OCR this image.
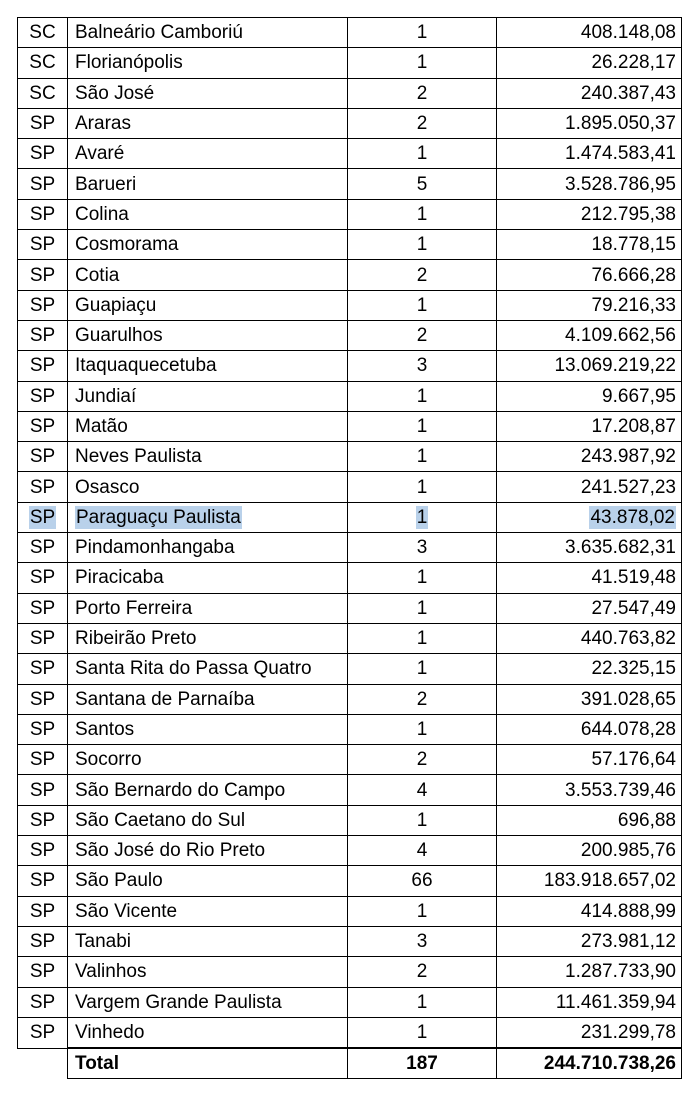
SC	Balneário Camboriú	1	408.148,08
SC	Florianópolis	1	26.228,17
SC	São José	2	240.387,43
SP	Araras	2	1.895.050,37
SP	Avaré	1	1.474.583,41
SP	Barueri	5	3.528.786,95
SP	Colina	1	212.795,38
SP	Cosmorama	1	18.778,15
SP	Cotia	2	76.666,28
SP	Guapiaçu	1	79.216,33
SP	Guarulhos	2	4.109.662,56
SP	Itaquaquecetuba	3	13.069.219,22
SP	Jundiaí	1	9.667,95
SP	Matão	1	17.208,87
SP	Neves Paulista	1	243.987,92
SP	Osasco	1	241.527,23
SP	Paraguaçu Paulista	1	43.878,02
SP	Pindamonhangaba	3	3.635.682,31
SP	Piracicaba	1	41.519,48
SP	Porto Ferreira	1	27.547,49
SP	Ribeirão Preto	1	440.763,82
SP	Santa Rita do Passa Quatro	1	22.325,15
SP	Santana de Parnaíba	2	391.028,65
SP	Santos	1	644.078,28
SP	Socorro	2	57.176,64
SP	São Bernardo do Campo	4	3.553.739,46
SP	São Caetano do Sul	1	696,88
SP	São José do Rio Preto	4	200.985,76
SP	São Paulo	66	183.918.657,02
SP	São Vicente	1	414.888,99
SP	Tanabi	3	273.981,12
SP	Valinhos	2	1.287.733,90
SP	Vargem Grande Paulista	1	11.461.359,94
SP	Vinhedo	1	231.299,78
	Total	187	244.710.738,26
